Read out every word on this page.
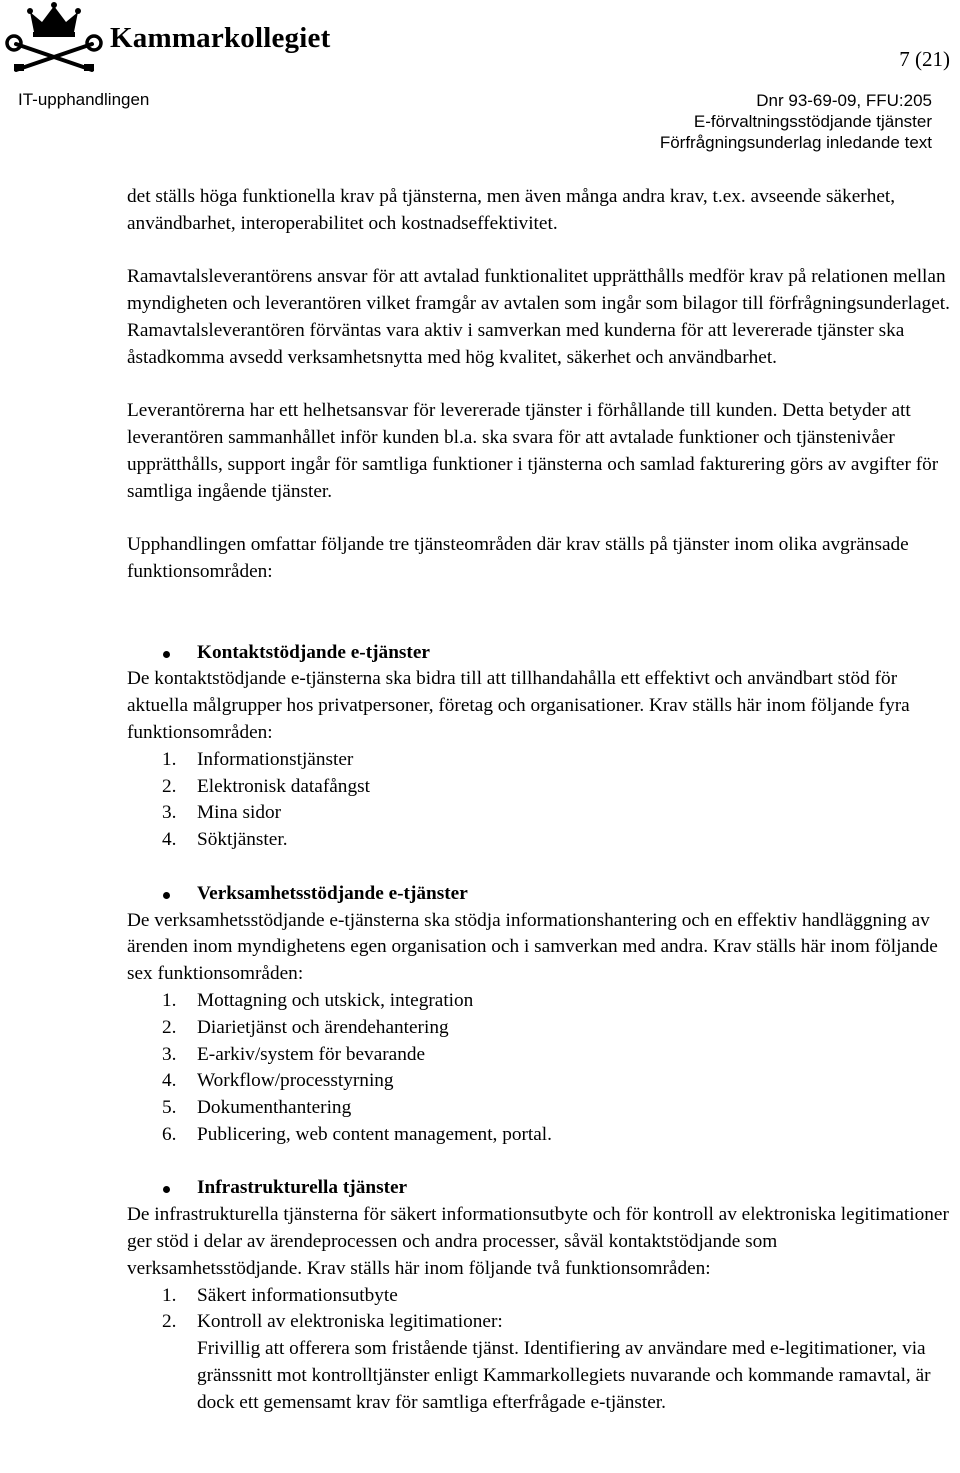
Kammarkollegiet
7 (21)
IT-upphandlingen	Dnr 93-69-09, FFU:205
E-förvaltningsstödjande tjänster
Förfrågningsunderlag inledande text

det ställs höga funktionella krav på tjänsterna, men även många andra krav, t.ex. avseende säkerhet, användbarhet, interoperabilitet och kostnadseffektivitet.

Ramavtalsleverantörens ansvar för att avtalad funktionalitet upprätthålls medför krav på relationen mellan myndigheten och leverantören vilket framgår av avtalen som ingår som bilagor till förfrågningsunderlaget. Ramavtalsleverantören förväntas vara aktiv i samverkan med kunderna för att levererade tjänster ska åstadkomma avsedd verksamhetsnytta med hög kvalitet, säkerhet och användbarhet.

Leverantörerna har ett helhetsansvar för levererade tjänster i förhållande till kunden. Detta betyder att leverantören sammanhållet inför kunden bl.a. ska svara för att avtalade funktioner och tjänstenivåer upprätthålls, support ingår för samtliga funktioner i tjänsterna och samlad fakturering görs av avgifter för samtliga ingående tjänster.

Upphandlingen omfattar följande tre tjänsteområden där krav ställs på tjänster inom olika avgränsade funktionsområden:

Kontaktstödjande e-tjänster
De kontaktstödjande e-tjänsterna ska bidra till att tillhandahålla ett effektivt och användbart stöd för aktuella målgrupper hos privatpersoner, företag och organisationer. Krav ställs här inom följande fyra funktionsområden:
1. Informationstjänster
2. Elektronisk datafångst
3. Mina sidor
4. Söktjänster.
Verksamhetsstödjande e-tjänster
De verksamhetsstödjande e-tjänsterna ska stödja informationshantering och en effektiv handläggning av ärenden inom myndighetens egen organisation och i samverkan med andra. Krav ställs här inom följande sex funktionsområden:
1. Mottagning och utskick, integration
2. Diarietjänst och ärendehantering
3. E-arkiv/system för bevarande
4. Workflow/processtyrning
5. Dokumenthantering
6. Publicering, web content management, portal.
Infrastrukturella tjänster
De infrastrukturella tjänsterna för säkert informationsutbyte och för kontroll av elektroniska legitimationer ger stöd i delar av ärendeprocessen och andra processer, såväl kontaktstödjande som verksamhetsstödjande. Krav ställs här inom följande två funktionsområden:
1. Säkert informationsutbyte
2. Kontroll av elektroniska legitimationer:
Frivillig att offerera som fristående tjänst. Identifiering av användare med e-legitimationer, via gränssnitt mot kontrolltjänster enligt Kammarkollegiets nuvarande och kommande ramavtal, är dock ett gemensamt krav för samtliga efterfrågade e-tjänster.
